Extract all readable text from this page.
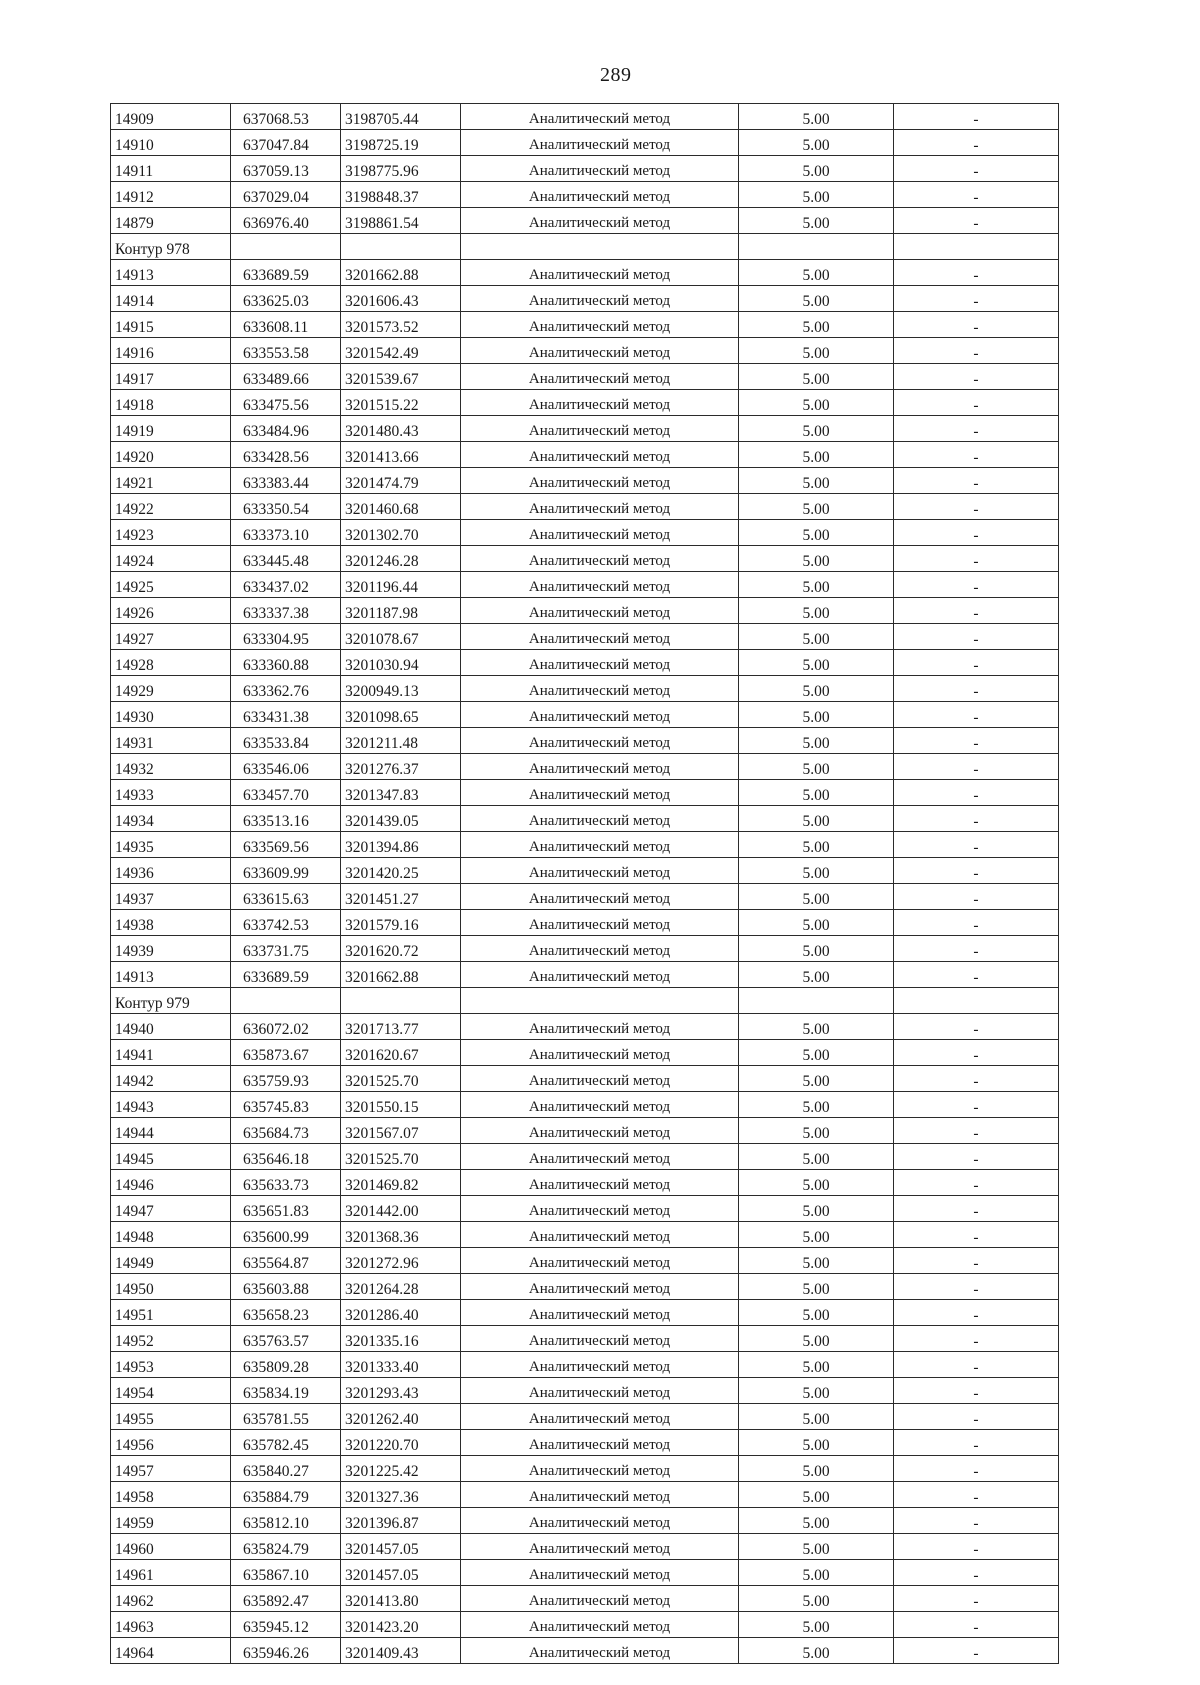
289
14909	637068.53	3198705.44	Аналитический метод	5.00	-
14910	637047.84	3198725.19	Аналитический метод	5.00	-
14911	637059.13	3198775.96	Аналитический метод	5.00	-
14912	637029.04	3198848.37	Аналитический метод	5.00	-
14879	636976.40	3198861.54	Аналитический метод	5.00	-
Контур 978					
14913	633689.59	3201662.88	Аналитический метод	5.00	-
14914	633625.03	3201606.43	Аналитический метод	5.00	-
14915	633608.11	3201573.52	Аналитический метод	5.00	-
14916	633553.58	3201542.49	Аналитический метод	5.00	-
14917	633489.66	3201539.67	Аналитический метод	5.00	-
14918	633475.56	3201515.22	Аналитический метод	5.00	-
14919	633484.96	3201480.43	Аналитический метод	5.00	-
14920	633428.56	3201413.66	Аналитический метод	5.00	-
14921	633383.44	3201474.79	Аналитический метод	5.00	-
14922	633350.54	3201460.68	Аналитический метод	5.00	-
14923	633373.10	3201302.70	Аналитический метод	5.00	-
14924	633445.48	3201246.28	Аналитический метод	5.00	-
14925	633437.02	3201196.44	Аналитический метод	5.00	-
14926	633337.38	3201187.98	Аналитический метод	5.00	-
14927	633304.95	3201078.67	Аналитический метод	5.00	-
14928	633360.88	3201030.94	Аналитический метод	5.00	-
14929	633362.76	3200949.13	Аналитический метод	5.00	-
14930	633431.38	3201098.65	Аналитический метод	5.00	-
14931	633533.84	3201211.48	Аналитический метод	5.00	-
14932	633546.06	3201276.37	Аналитический метод	5.00	-
14933	633457.70	3201347.83	Аналитический метод	5.00	-
14934	633513.16	3201439.05	Аналитический метод	5.00	-
14935	633569.56	3201394.86	Аналитический метод	5.00	-
14936	633609.99	3201420.25	Аналитический метод	5.00	-
14937	633615.63	3201451.27	Аналитический метод	5.00	-
14938	633742.53	3201579.16	Аналитический метод	5.00	-
14939	633731.75	3201620.72	Аналитический метод	5.00	-
14913	633689.59	3201662.88	Аналитический метод	5.00	-
Контур 979					
14940	636072.02	3201713.77	Аналитический метод	5.00	-
14941	635873.67	3201620.67	Аналитический метод	5.00	-
14942	635759.93	3201525.70	Аналитический метод	5.00	-
14943	635745.83	3201550.15	Аналитический метод	5.00	-
14944	635684.73	3201567.07	Аналитический метод	5.00	-
14945	635646.18	3201525.70	Аналитический метод	5.00	-
14946	635633.73	3201469.82	Аналитический метод	5.00	-
14947	635651.83	3201442.00	Аналитический метод	5.00	-
14948	635600.99	3201368.36	Аналитический метод	5.00	-
14949	635564.87	3201272.96	Аналитический метод	5.00	-
14950	635603.88	3201264.28	Аналитический метод	5.00	-
14951	635658.23	3201286.40	Аналитический метод	5.00	-
14952	635763.57	3201335.16	Аналитический метод	5.00	-
14953	635809.28	3201333.40	Аналитический метод	5.00	-
14954	635834.19	3201293.43	Аналитический метод	5.00	-
14955	635781.55	3201262.40	Аналитический метод	5.00	-
14956	635782.45	3201220.70	Аналитический метод	5.00	-
14957	635840.27	3201225.42	Аналитический метод	5.00	-
14958	635884.79	3201327.36	Аналитический метод	5.00	-
14959	635812.10	3201396.87	Аналитический метод	5.00	-
14960	635824.79	3201457.05	Аналитический метод	5.00	-
14961	635867.10	3201457.05	Аналитический метод	5.00	-
14962	635892.47	3201413.80	Аналитический метод	5.00	-
14963	635945.12	3201423.20	Аналитический метод	5.00	-
14964	635946.26	3201409.43	Аналитический метод	5.00	-
